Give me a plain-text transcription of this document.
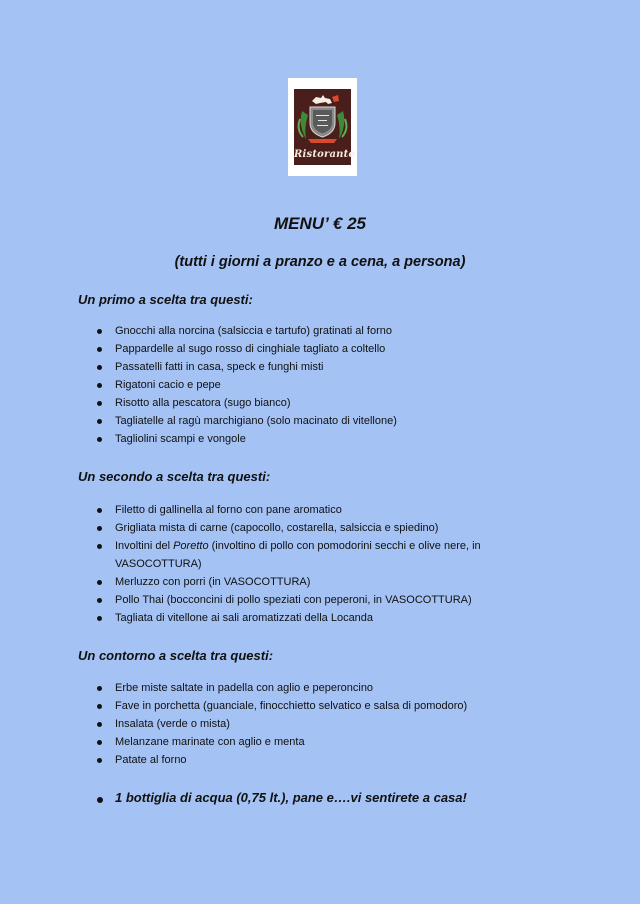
Ristorante
MENU’ € 25
(tutti i giorni a pranzo e a cena, a persona)
Un primo a scelta tra questi:
Gnocchi alla norcina (salsiccia e tartufo) gratinati al forno
Pappardelle al sugo rosso di cinghiale tagliato a coltello
Passatelli fatti in casa, speck e funghi misti
Rigatoni cacio e pepe
Risotto alla pescatora (sugo bianco)
Tagliatelle al ragù marchigiano (solo macinato di vitellone)
Tagliolini scampi e vongole
Un secondo a scelta tra questi:
Filetto di gallinella al forno con pane aromatico
Grigliata mista di carne (capocollo, costarella, salsiccia e spiedino)
Involtini del Poretto (involtino di pollo con pomodorini secchi e olive nere, in VASOCOTTURA)
Merluzzo con porri (in VASOCOTTURA)
Pollo Thai (bocconcini di pollo speziati con peperoni, in VASOCOTTURA)
Tagliata di vitellone ai sali aromatizzati della Locanda
Un contorno a scelta tra questi:
Erbe miste saltate in padella con aglio e peperoncino
Fave in porchetta (guanciale, finocchietto selvatico e salsa di pomodoro)
Insalata (verde o mista)
Melanzane marinate con aglio e menta
Patate al forno

1 bottiglia di acqua (0,75 lt.), pane e….vi sentirete a casa!
